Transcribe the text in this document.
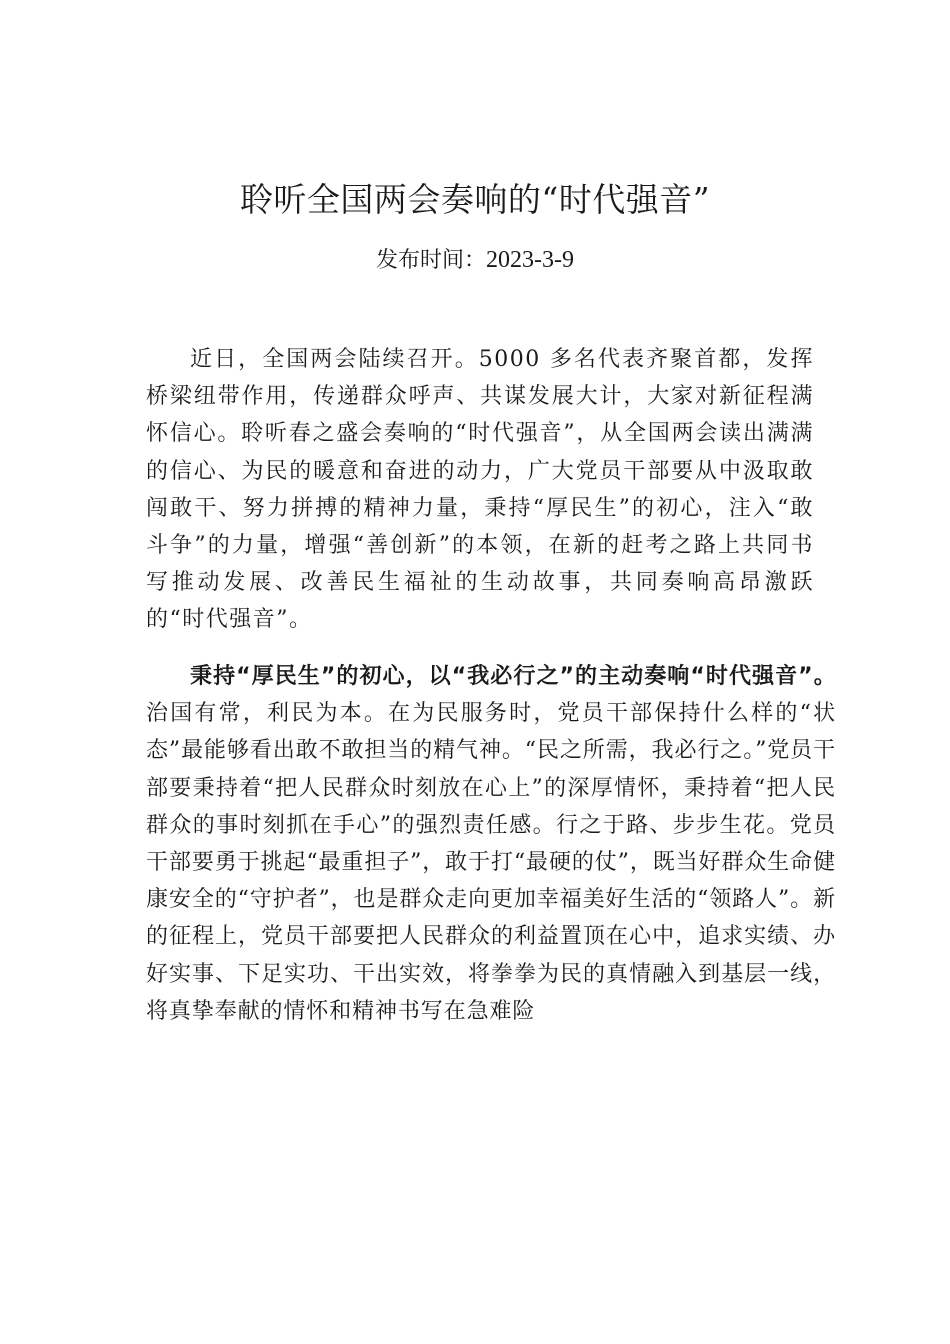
聆听全国两会奏响的“时代强音”

发布时间：2023-3-9

近日，全国两会陆续召开。5000 多名代表齐聚首都，发挥桥梁纽带作用，传递群众呼声、共谋发展大计，大家对新征程满怀信心。聆听春之盛会奏响的“时代强音”，从全国两会读出满满的信心、为民的暖意和奋进的动力，广大党员干部要从中汲取敢闯敢干、努力拼搏的精神力量，秉持“厚民生”的初心，注入“敢斗争”的力量，增强“善创新”的本领，在新的赶考之路上共同书写推动发展、改善民生福祉的生动故事，共同奏响高昂激跃的“时代强音”。

秉持“厚民生”的初心，以“我必行之”的主动奏响“时代强音”。治国有常，利民为本。在为民服务时，党员干部保持什么样的“状态”最能够看出敢不敢担当的精气神。“民之所需，我必行之。”党员干部要秉持着“把人民群众时刻放在心上”的深厚情怀，秉持着“把人民群众的事时刻抓在手心”的强烈责任感。行之于路、步步生花。党员干部要勇于挑起“最重担子”，敢于打“最硬的仗”，既当好群众生命健康安全的“守护者”，也是群众走向更加幸福美好生活的“领路人”。新的征程上，党员干部要把人民群众的利益置顶在心中，追求实绩、办好实事、下足实功、干出实效，将拳拳为民的真情融入到基层一线，将真挚奉献的情怀和精神书写在急难险
